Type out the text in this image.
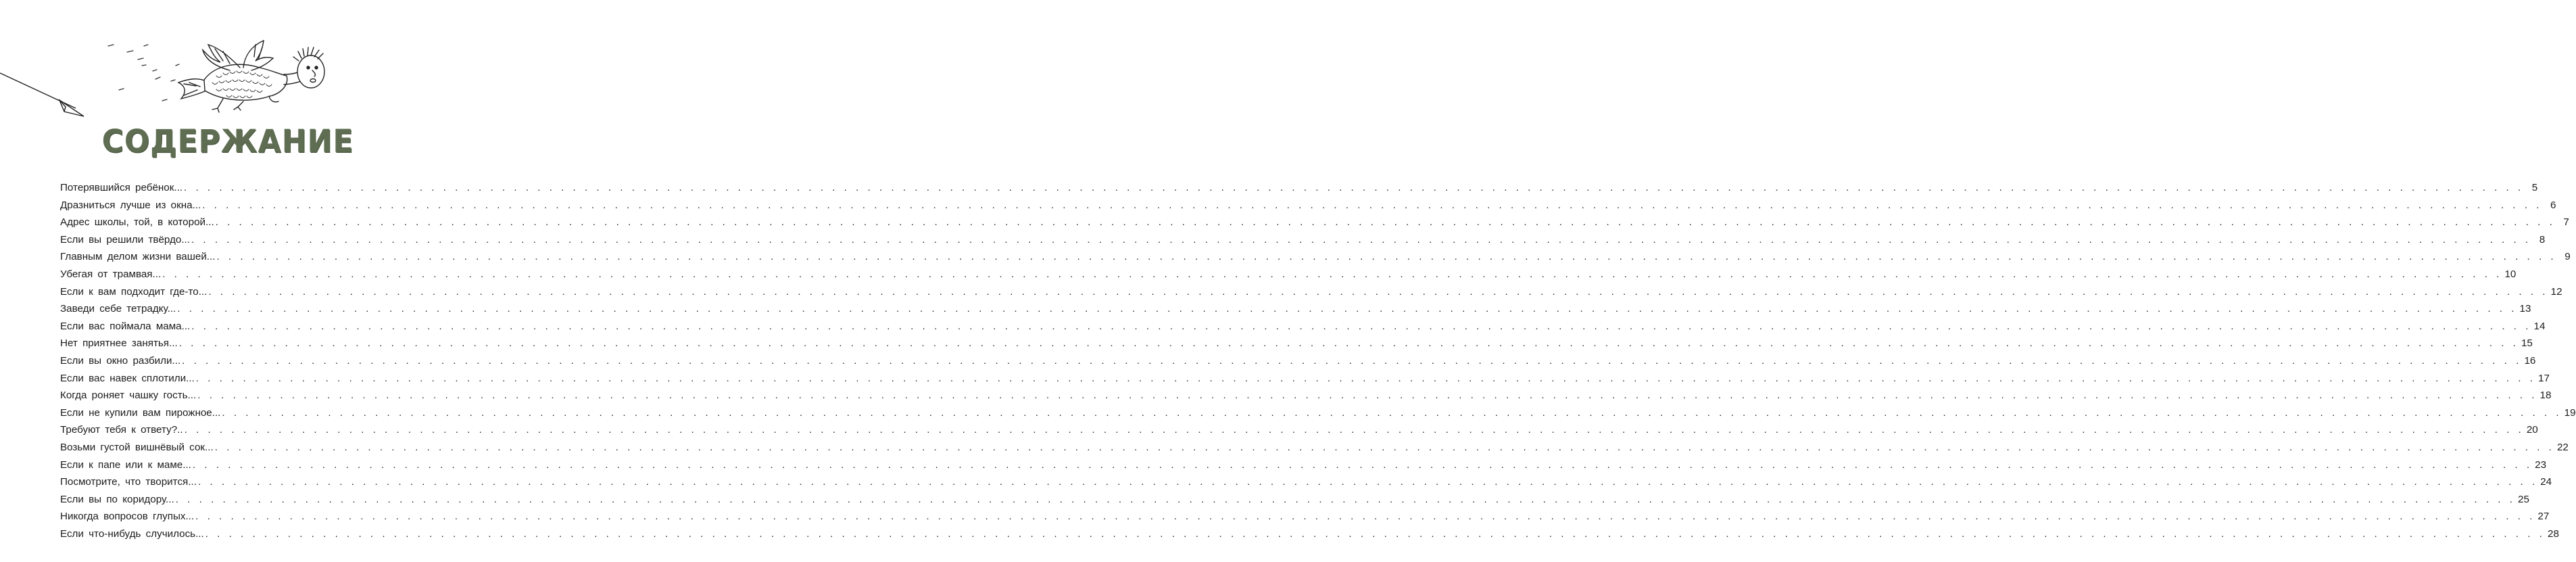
СОДЕРЖАНИЕ
Потерявшийся ребёнок... . . . . . . . . . . . . . . . . . . . . . . . . . . . . . . . . . . . . . . . . . . . . . . . . . . . . . . . . . . . . . . . . . . . . . . . . . . . . . . . . . . . . . . . . . . . . . . . . . . . . . . . . . . . . . . . . . . . . . . . . . . . . . . . . . . . . . . . . . . . . . . . . . . . . . . . . . . . . . . . . . . . . . . . . . . . . . . . . . . . . . . . . . . . . . . . . . . . . . . . 5
Дразниться лучше из окна... . . . . . . . . . . . . . . . . . . . . . . . . . . . . . . . . . . . . . . . . . . . . . . . . . . . . . . . . . . . . . . . . . . . . . . . . . . . . . . . . . . . . . . . . . . . . . . . . . . . . . . . . . . . . . . . . . . . . . . . . . . . . . . . . . . . . . . . . . . . . . . . . . . . . . . . . . . . . . . . . . . . . . . . . . . . . . . . . . . . . . . . . . . . . . . . . . . . . . . . 6
Адрес школы, той, в которой... . . . . . . . . . . . . . . . . . . . . . . . . . . . . . . . . . . . . . . . . . . . . . . . . . . . . . . . . . . . . . . . . . . . . . . . . . . . . . . . . . . . . . . . . . . . . . . . . . . . . . . . . . . . . . . . . . . . . . . . . . . . . . . . . . . . . . . . . . . . . . . . . . . . . . . . . . . . . . . . . . . . . . . . . . . . . . . . . . . . . . . . . . . . . . . . . . . . . . . . 7
Если вы решили твёрдо... . . . . . . . . . . . . . . . . . . . . . . . . . . . . . . . . . . . . . . . . . . . . . . . . . . . . . . . . . . . . . . . . . . . . . . . . . . . . . . . . . . . . . . . . . . . . . . . . . . . . . . . . . . . . . . . . . . . . . . . . . . . . . . . . . . . . . . . . . . . . . . . . . . . . . . . . . . . . . . . . . . . . . . . . . . . . . . . . . . . . . . . . . . . . . . . . . . . . . . . 8
Главным делом жизни вашей... . . . . . . . . . . . . . . . . . . . . . . . . . . . . . . . . . . . . . . . . . . . . . . . . . . . . . . . . . . . . . . . . . . . . . . . . . . . . . . . . . . . . . . . . . . . . . . . . . . . . . . . . . . . . . . . . . . . . . . . . . . . . . . . . . . . . . . . . . . . . . . . . . . . . . . . . . . . . . . . . . . . . . . . . . . . . . . . . . . . . . . . . . . . . . . . . . . . . . . . 9
Убегая от трамвая... . . . . . . . . . . . . . . . . . . . . . . . . . . . . . . . . . . . . . . . . . . . . . . . . . . . . . . . . . . . . . . . . . . . . . . . . . . . . . . . . . . . . . . . . . . . . . . . . . . . . . . . . . . . . . . . . . . . . . . . . . . . . . . . . . . . . . . . . . . . . . . . . . . . . . . . . . . . . . . . . . . . . . . . . . . . . . . . . . . . . . . . . . . . . . . . . . . . . . . . 10
Если к вам подходит где-то... . . . . . . . . . . . . . . . . . . . . . . . . . . . . . . . . . . . . . . . . . . . . . . . . . . . . . . . . . . . . . . . . . . . . . . . . . . . . . . . . . . . . . . . . . . . . . . . . . . . . . . . . . . . . . . . . . . . . . . . . . . . . . . . . . . . . . . . . . . . . . . . . . . . . . . . . . . . . . . . . . . . . . . . . . . . . . . . . . . . . . . . . . . . . . . . . . . . . . . . 12
Заведи себе тетрадку... . . . . . . . . . . . . . . . . . . . . . . . . . . . . . . . . . . . . . . . . . . . . . . . . . . . . . . . . . . . . . . . . . . . . . . . . . . . . . . . . . . . . . . . . . . . . . . . . . . . . . . . . . . . . . . . . . . . . . . . . . . . . . . . . . . . . . . . . . . . . . . . . . . . . . . . . . . . . . . . . . . . . . . . . . . . . . . . . . . . . . . . . . . . . . . . . . . . . . . . 13
Если вас поймала мама... . . . . . . . . . . . . . . . . . . . . . . . . . . . . . . . . . . . . . . . . . . . . . . . . . . . . . . . . . . . . . . . . . . . . . . . . . . . . . . . . . . . . . . . . . . . . . . . . . . . . . . . . . . . . . . . . . . . . . . . . . . . . . . . . . . . . . . . . . . . . . . . . . . . . . . . . . . . . . . . . . . . . . . . . . . . . . . . . . . . . . . . . . . . . . . . . . . . . . . . 14
Нет приятнее занятья... . . . . . . . . . . . . . . . . . . . . . . . . . . . . . . . . . . . . . . . . . . . . . . . . . . . . . . . . . . . . . . . . . . . . . . . . . . . . . . . . . . . . . . . . . . . . . . . . . . . . . . . . . . . . . . . . . . . . . . . . . . . . . . . . . . . . . . . . . . . . . . . . . . . . . . . . . . . . . . . . . . . . . . . . . . . . . . . . . . . . . . . . . . . . . . . . . . . . . . . 15
Если вы окно разбили... . . . . . . . . . . . . . . . . . . . . . . . . . . . . . . . . . . . . . . . . . . . . . . . . . . . . . . . . . . . . . . . . . . . . . . . . . . . . . . . . . . . . . . . . . . . . . . . . . . . . . . . . . . . . . . . . . . . . . . . . . . . . . . . . . . . . . . . . . . . . . . . . . . . . . . . . . . . . . . . . . . . . . . . . . . . . . . . . . . . . . . . . . . . . . . . . . . . . . . . 16
Если вас навек сплотили... . . . . . . . . . . . . . . . . . . . . . . . . . . . . . . . . . . . . . . . . . . . . . . . . . . . . . . . . . . . . . . . . . . . . . . . . . . . . . . . . . . . . . . . . . . . . . . . . . . . . . . . . . . . . . . . . . . . . . . . . . . . . . . . . . . . . . . . . . . . . . . . . . . . . . . . . . . . . . . . . . . . . . . . . . . . . . . . . . . . . . . . . . . . . . . . . . . . . . . . 17
Когда роняет чашку гость... . . . . . . . . . . . . . . . . . . . . . . . . . . . . . . . . . . . . . . . . . . . . . . . . . . . . . . . . . . . . . . . . . . . . . . . . . . . . . . . . . . . . . . . . . . . . . . . . . . . . . . . . . . . . . . . . . . . . . . . . . . . . . . . . . . . . . . . . . . . . . . . . . . . . . . . . . . . . . . . . . . . . . . . . . . . . . . . . . . . . . . . . . . . . . . . . . . . . . . . 18
Если не купили вам пирожное... . . . . . . . . . . . . . . . . . . . . . . . . . . . . . . . . . . . . . . . . . . . . . . . . . . . . . . . . . . . . . . . . . . . . . . . . . . . . . . . . . . . . . . . . . . . . . . . . . . . . . . . . . . . . . . . . . . . . . . . . . . . . . . . . . . . . . . . . . . . . . . . . . . . . . . . . . . . . . . . . . . . . . . . . . . . . . . . . . . . . . . . . . . . . . . . . . . . . . . . 19
Требуют тебя к ответу?.. . . . . . . . . . . . . . . . . . . . . . . . . . . . . . . . . . . . . . . . . . . . . . . . . . . . . . . . . . . . . . . . . . . . . . . . . . . . . . . . . . . . . . . . . . . . . . . . . . . . . . . . . . . . . . . . . . . . . . . . . . . . . . . . . . . . . . . . . . . . . . . . . . . . . . . . . . . . . . . . . . . . . . . . . . . . . . . . . . . . . . . . . . . . . . . . . . . . . . . . 20
Возьми густой вишнёвый сок... . . . . . . . . . . . . . . . . . . . . . . . . . . . . . . . . . . . . . . . . . . . . . . . . . . . . . . . . . . . . . . . . . . . . . . . . . . . . . . . . . . . . . . . . . . . . . . . . . . . . . . . . . . . . . . . . . . . . . . . . . . . . . . . . . . . . . . . . . . . . . . . . . . . . . . . . . . . . . . . . . . . . . . . . . . . . . . . . . . . . . . . . . . . . . . . . . . . . . . . 22
Если к папе или к маме... . . . . . . . . . . . . . . . . . . . . . . . . . . . . . . . . . . . . . . . . . . . . . . . . . . . . . . . . . . . . . . . . . . . . . . . . . . . . . . . . . . . . . . . . . . . . . . . . . . . . . . . . . . . . . . . . . . . . . . . . . . . . . . . . . . . . . . . . . . . . . . . . . . . . . . . . . . . . . . . . . . . . . . . . . . . . . . . . . . . . . . . . . . . . . . . . . . . . . . . 23
Посмотрите, что творится... . . . . . . . . . . . . . . . . . . . . . . . . . . . . . . . . . . . . . . . . . . . . . . . . . . . . . . . . . . . . . . . . . . . . . . . . . . . . . . . . . . . . . . . . . . . . . . . . . . . . . . . . . . . . . . . . . . . . . . . . . . . . . . . . . . . . . . . . . . . . . . . . . . . . . . . . . . . . . . . . . . . . . . . . . . . . . . . . . . . . . . . . . . . . . . . . . . . . . . . 24
Если вы по коридору... . . . . . . . . . . . . . . . . . . . . . . . . . . . . . . . . . . . . . . . . . . . . . . . . . . . . . . . . . . . . . . . . . . . . . . . . . . . . . . . . . . . . . . . . . . . . . . . . . . . . . . . . . . . . . . . . . . . . . . . . . . . . . . . . . . . . . . . . . . . . . . . . . . . . . . . . . . . . . . . . . . . . . . . . . . . . . . . . . . . . . . . . . . . . . . . . . . . . . . . 25
Никогда вопросов глупых... . . . . . . . . . . . . . . . . . . . . . . . . . . . . . . . . . . . . . . . . . . . . . . . . . . . . . . . . . . . . . . . . . . . . . . . . . . . . . . . . . . . . . . . . . . . . . . . . . . . . . . . . . . . . . . . . . . . . . . . . . . . . . . . . . . . . . . . . . . . . . . . . . . . . . . . . . . . . . . . . . . . . . . . . . . . . . . . . . . . . . . . . . . . . . . . . . . . . . . . 27
Если что-нибудь случилось... . . . . . . . . . . . . . . . . . . . . . . . . . . . . . . . . . . . . . . . . . . . . . . . . . . . . . . . . . . . . . . . . . . . . . . . . . . . . . . . . . . . . . . . . . . . . . . . . . . . . . . . . . . . . . . . . . . . . . . . . . . . . . . . . . . . . . . . . . . . . . . . . . . . . . . . . . . . . . . . . . . . . . . . . . . . . . . . . . . . . . . . . . . . . . . . . . . . . . . . 28
